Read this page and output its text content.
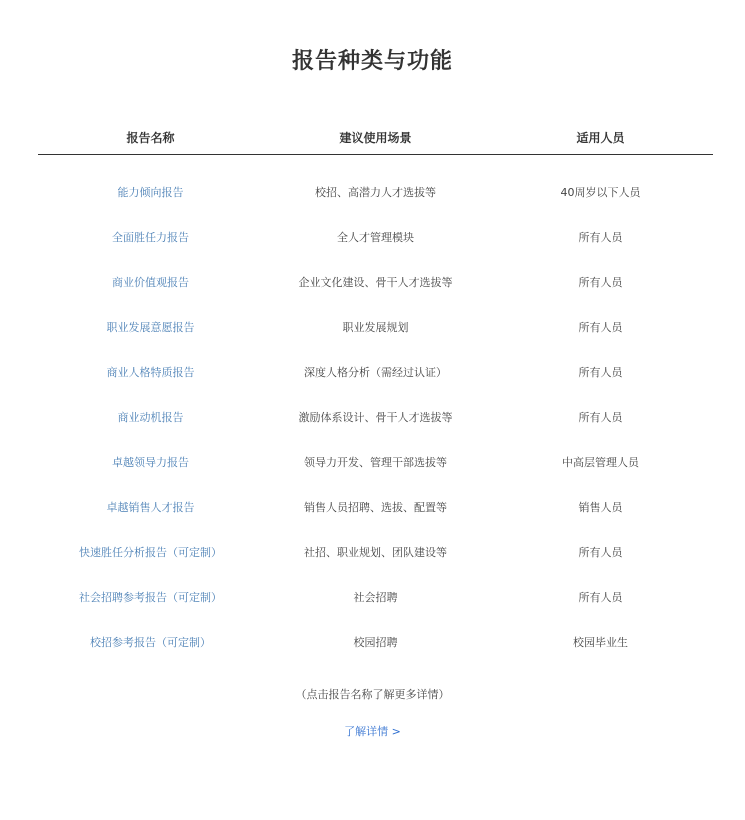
报告种类与功能
报告名称	建议使用场景	适用人员
能力倾向报告	校招、高潜力人才选拔等	40周岁以下人员
全面胜任力报告	全人才管理模块	所有人员
商业价值观报告	企业文化建设、骨干人才选拔等	所有人员
职业发展意愿报告	职业发展规划	所有人员
商业人格特质报告	深度人格分析（需经过认证）	所有人员
商业动机报告	激励体系设计、骨干人才选拔等	所有人员
卓越领导力报告	领导力开发、管理干部选拔等	中高层管理人员
卓越销售人才报告	销售人员招聘、选拔、配置等	销售人员
快速胜任分析报告（可定制）	社招、职业规划、团队建设等	所有人员
社会招聘参考报告（可定制）	社会招聘	所有人员
校招参考报告（可定制）	校园招聘	校园毕业生
（点击报告名称了解更多详情）
了解详情 >
